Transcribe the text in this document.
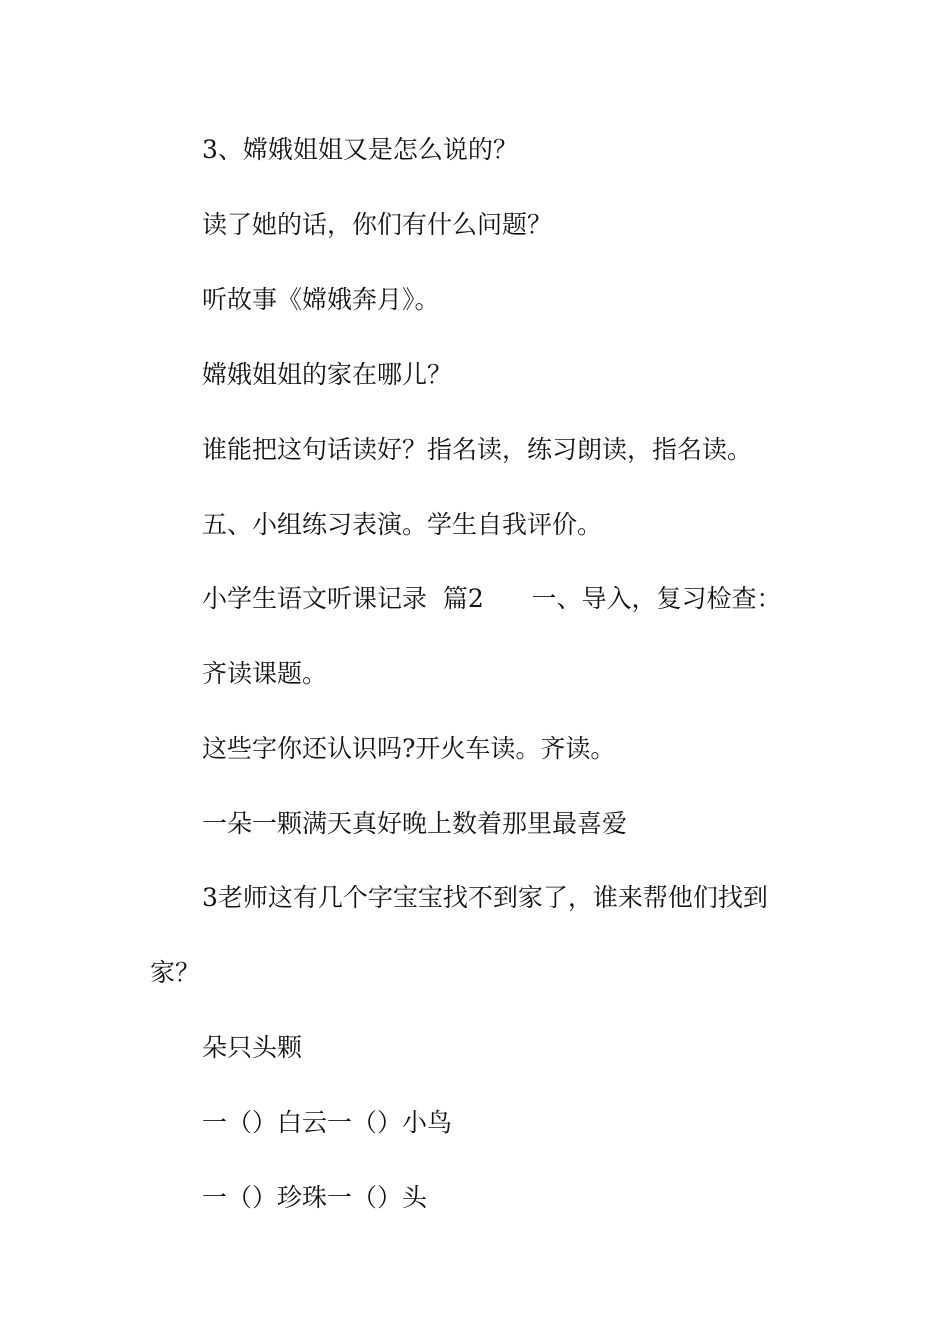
3、嫦娥姐姐又是怎么说的？
读了她的话，你们有什么问题？
听故事《嫦娥奔月》。
嫦娥姐姐的家在哪儿？
谁能把这句话读好？指名读，练习朗读，指名读。
五、小组练习表演。学生自我评价。
小学生语文听课记录  篇2      一、导入，复习检查：
齐读课题。
这些字你还认识吗?开火车读。齐读。
一朵一颗满天真好晚上数着那里最喜爱
3老师这有几个字宝宝找不到家了，谁来帮他们找到
家？
朵只头颗
一（）白云一（）小鸟
一（）珍珠一（）头
